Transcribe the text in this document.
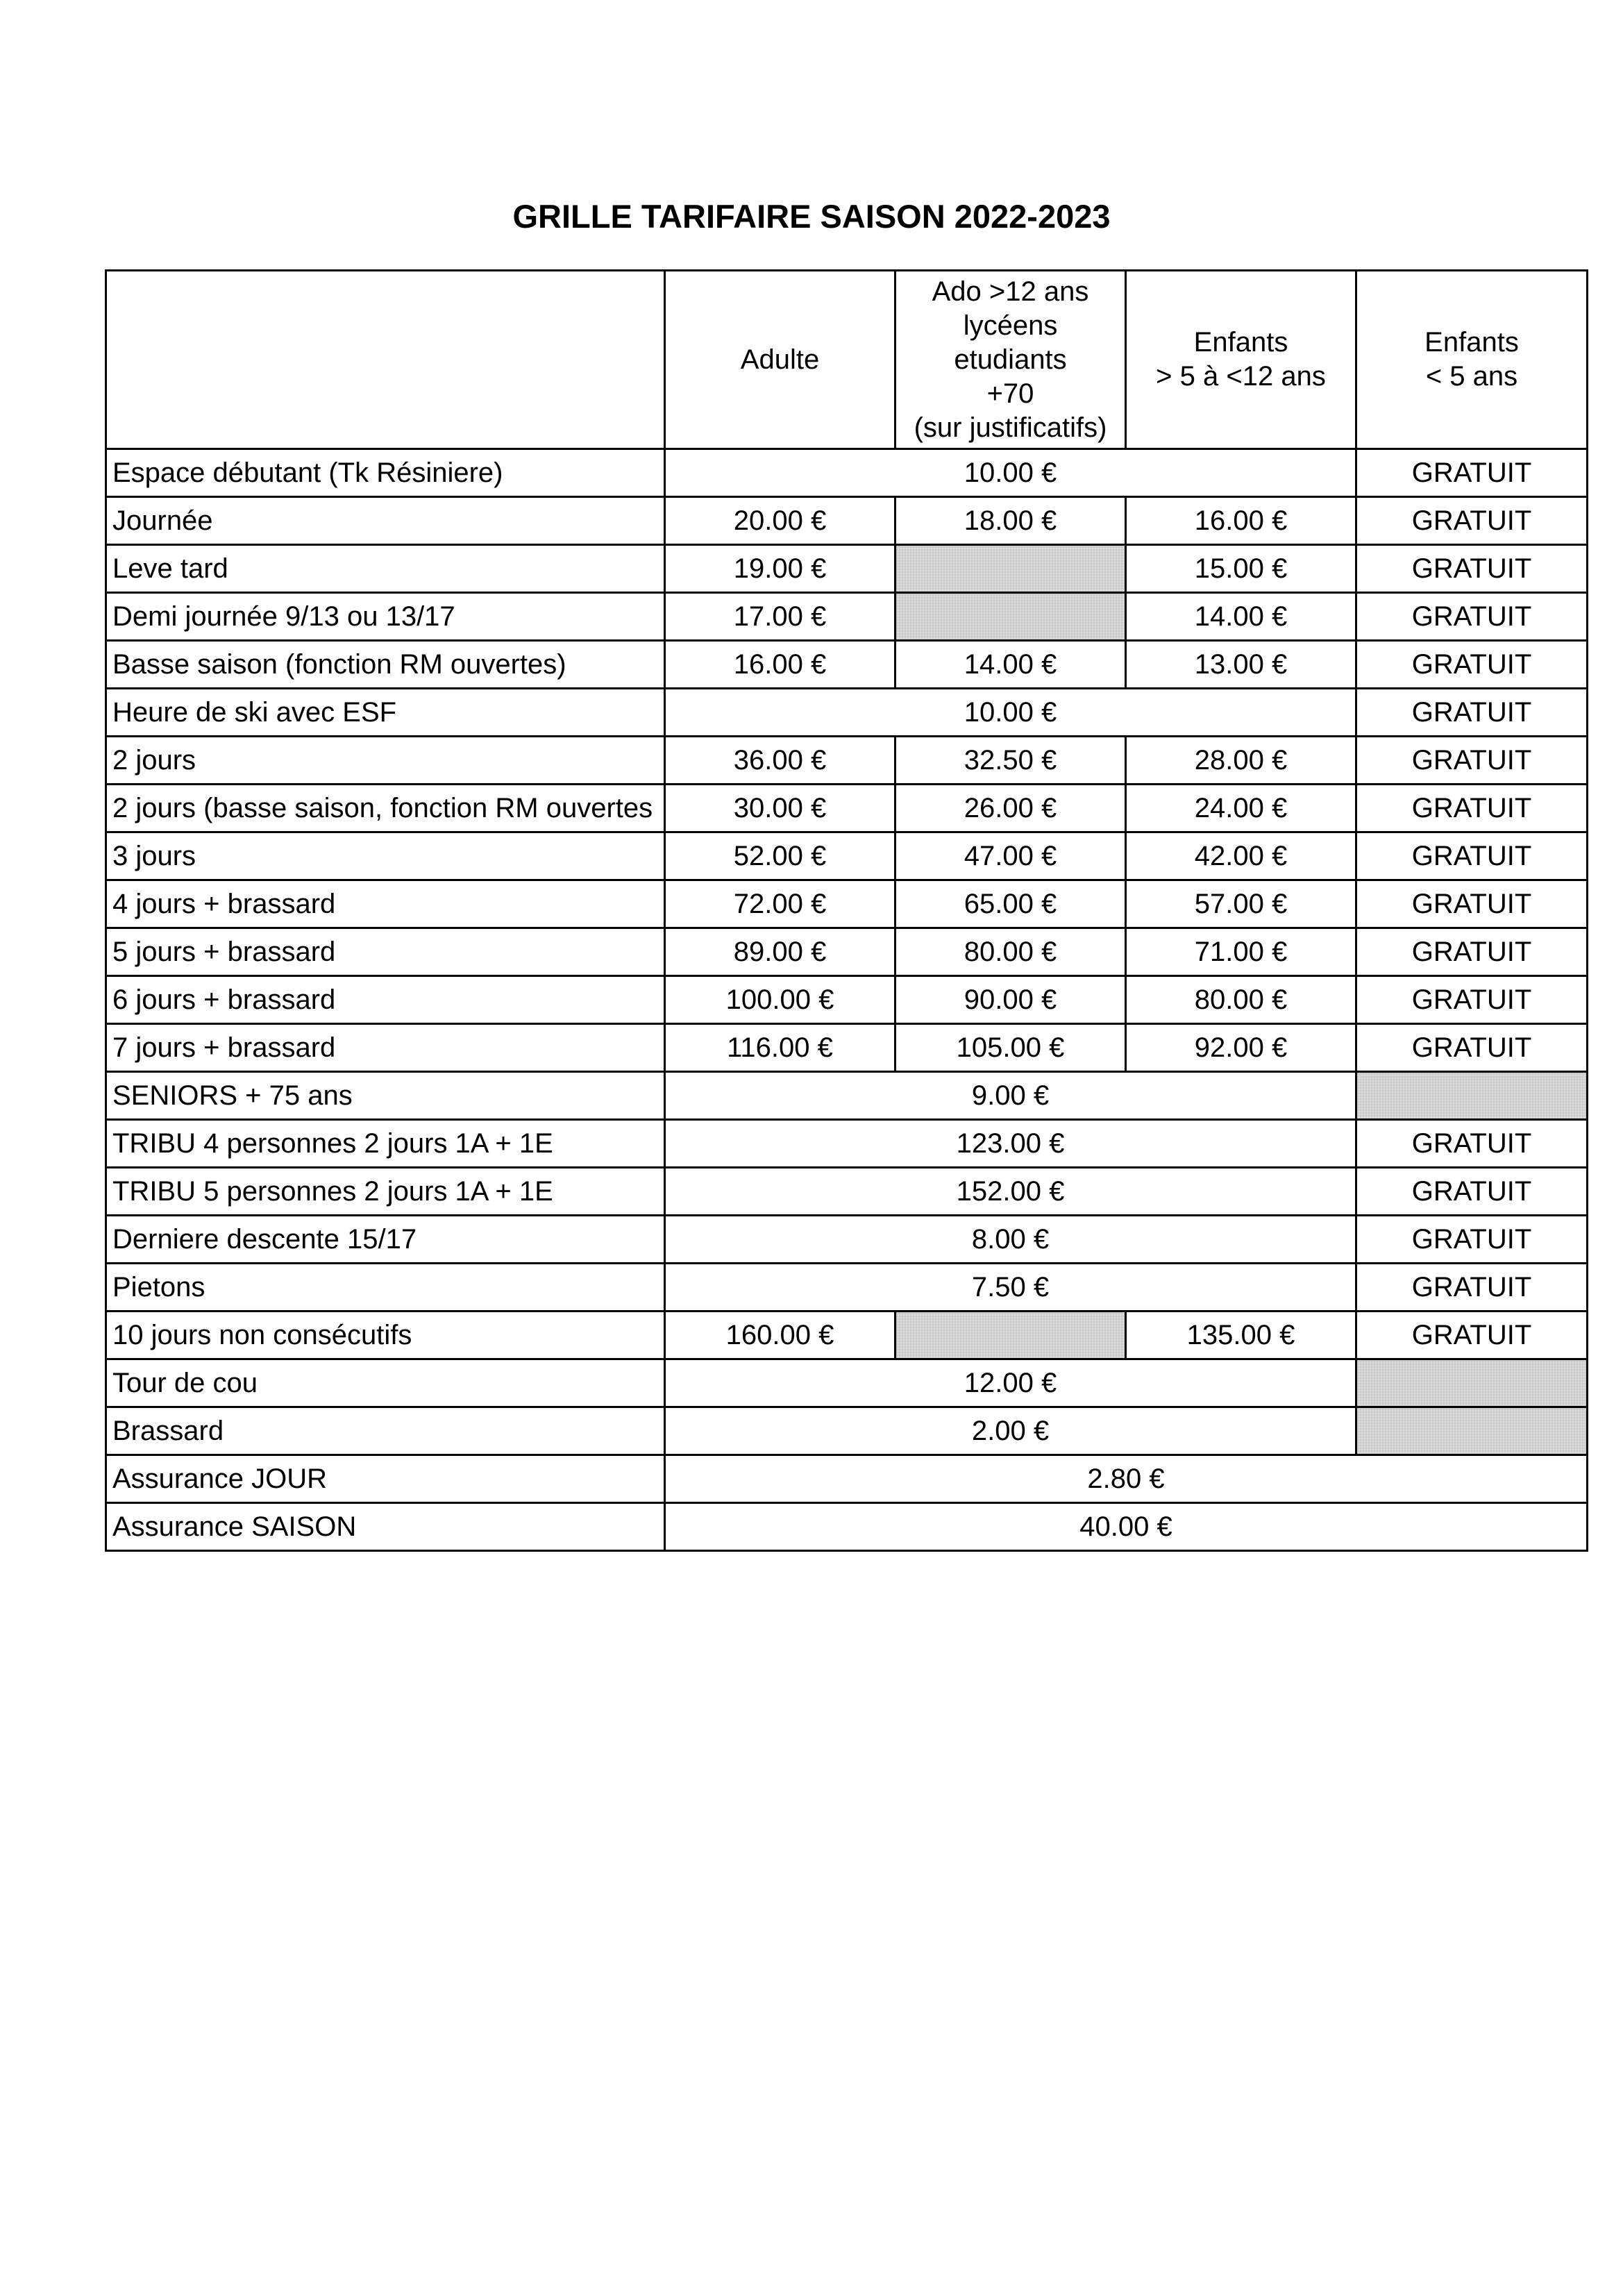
GRILLE TARIFAIRE SAISON 2022-2023
	Adulte	Ado >12 ans
lycéens
etudiants
+70
(sur justificatifs)	Enfants
> 5 à <12 ans	Enfants
< 5 ans

Espace débutant (Tk Résiniere)	10.00 €			GRATUIT
Journée	20.00 €	18.00 €	16.00 €	GRATUIT
Leve tard	19.00 €		15.00 €	GRATUIT
Demi journée 9/13 ou 13/17	17.00 €		14.00 €	GRATUIT
Basse saison (fonction RM ouvertes)	16.00 €	14.00 €	13.00 €	GRATUIT
Heure de ski avec ESF	10.00 €			GRATUIT
2 jours	36.00 €	32.50 €	28.00 €	GRATUIT
2 jours (basse saison, fonction RM ouvertes	30.00 €	26.00 €	24.00 €	GRATUIT
3 jours	52.00 €	47.00 €	42.00 €	GRATUIT
4 jours + brassard	72.00 €	65.00 €	57.00 €	GRATUIT
5 jours + brassard	89.00 €	80.00 €	71.00 €	GRATUIT
6 jours + brassard	100.00 €	90.00 €	80.00 €	GRATUIT
7 jours + brassard	116.00 €	105.00 €	92.00 €	GRATUIT
SENIORS + 75 ans	9.00 €			
TRIBU 4 personnes 2 jours 1A + 1E	123.00 €			GRATUIT
TRIBU 5 personnes 2 jours 1A + 1E	152.00 €			GRATUIT
Derniere descente 15/17	8.00 €			GRATUIT
Pietons	7.50 €			GRATUIT
10 jours non consécutifs	160.00 €		135.00 €	GRATUIT
Tour de cou	12.00 €			
Brassard	2.00 €			
Assurance JOUR	2.80 €			
Assurance SAISON	40.00 €			
